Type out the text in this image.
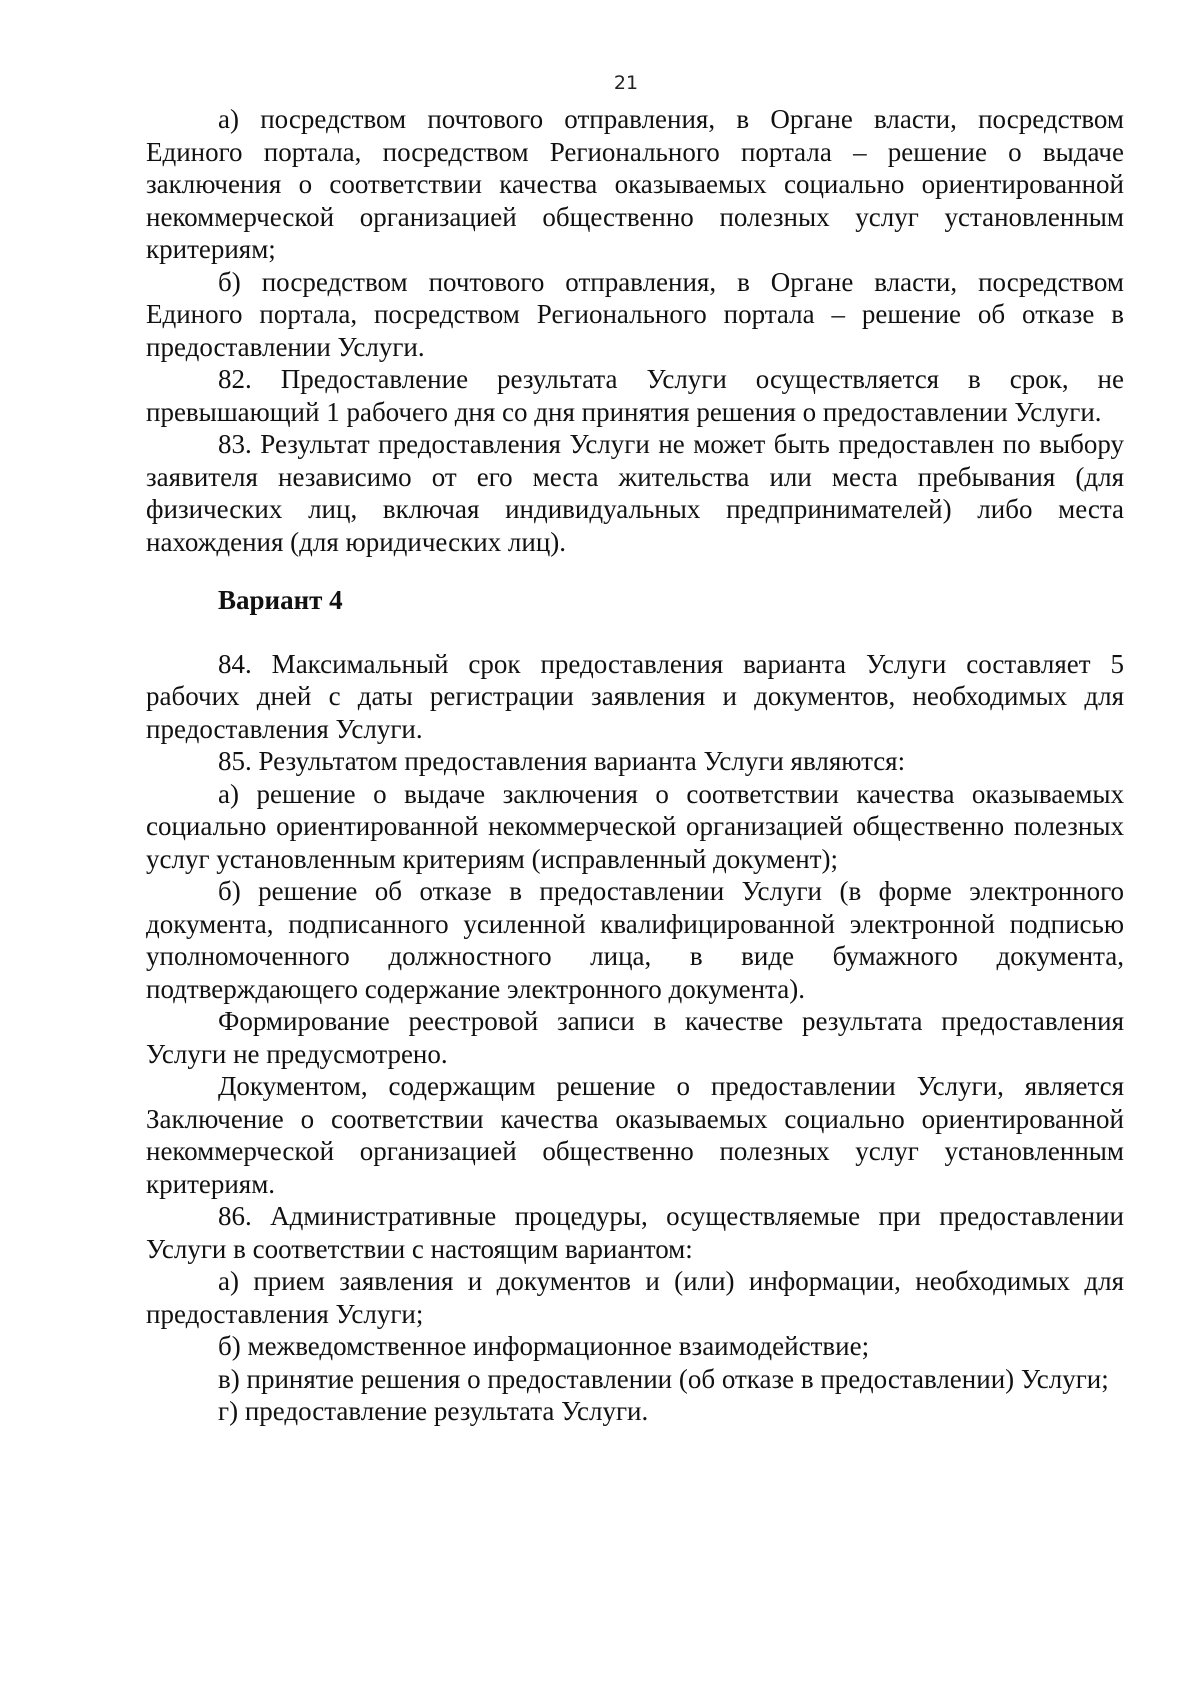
21

а) посредством почтового отправления, в Органе власти, посредством Единого портала, посредством Регионального портала – решение о выдаче заключения о соответствии качества оказываемых социально ориентированной некоммерческой организацией общественно полезных услуг установленным критериям;

б) посредством почтового отправления, в Органе власти, посредством Единого портала, посредством Регионального портала – решение об отказе в предоставлении Услуги.

82. Предоставление результата Услуги осуществляется в срок, не превышающий 1 рабочего дня со дня принятия решения о предоставлении Услуги.

83. Результат предоставления Услуги не может быть предоставлен по выбору заявителя независимо от его места жительства или места пребывания (для физических лиц, включая индивидуальных предпринимателей) либо места нахождения (для юридических лиц).

Вариант 4

84. Максимальный срок предоставления варианта Услуги составляет 5 рабочих дней с даты регистрации заявления и документов, необходимых для предоставления Услуги.

85. Результатом предоставления варианта Услуги являются:

а) решение о выдаче заключения о соответствии качества оказываемых социально ориентированной некоммерческой организацией общественно полезных услуг установленным критериям (исправленный документ);

б) решение об отказе в предоставлении Услуги (в форме электронного документа, подписанного усиленной квалифицированной электронной подписью уполномоченного должностного лица, в виде бумажного документа, подтверждающего содержание электронного документа).

Формирование реестровой записи в качестве результата предоставления Услуги не предусмотрено.

Документом, содержащим решение о предоставлении Услуги, является Заключение о соответствии качества оказываемых социально ориентированной некоммерческой организацией общественно полезных услуг установленным критериям.

86. Административные процедуры, осуществляемые при предоставлении Услуги в соответствии с настоящим вариантом:

а) прием заявления и документов и (или) информации, необходимых для предоставления Услуги;

б) межведомственное информационное взаимодействие;

в) принятие решения о предоставлении (об отказе в предоставлении) Услуги;

г) предоставление результата Услуги.
